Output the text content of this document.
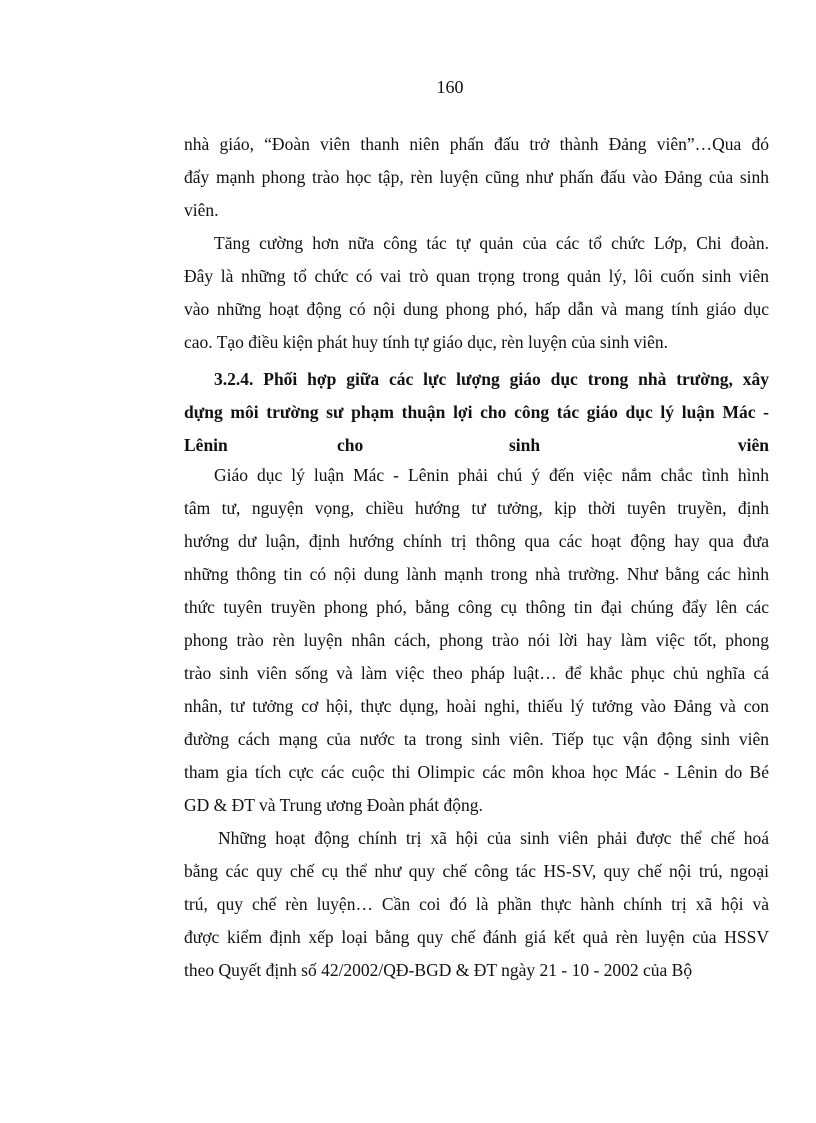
160
nhà giáo, “Đoàn viên thanh niên phấn đấu trở thành Đảng viên”…Qua đó
đẩy mạnh phong trào học tập, rèn luyện cũng như phấn đấu vào Đảng của sinh
viên.
Tăng cường hơn nữa công tác tự quản của các tổ chức Lớp, Chi đoàn.
Đây là những tổ chức có vai trò quan trọng trong quản lý, lôi cuốn sinh viên
vào những hoạt động có nội dung phong phó, hấp dẫn và mang tính giáo dục
cao. Tạo điều kiện phát huy tính tự giáo dục, rèn luyện của sinh viên.
3.2.4. Phối hợp giữa các lực lượng giáo dục trong nhà trường, xây
dựng môi trường sư phạm thuận lợi cho công tác giáo dục lý luận Mác -
Lênin	cho	sinh	viên
Giáo dục lý luận Mác - Lênin phải chú ý đến việc nắm chắc tình hình
tâm tư, nguyện vọng, chiều hướng tư tưởng, kịp thời tuyên truyền, định
hướng dư luận, định hướng chính trị thông qua các hoạt động hay qua đưa
những thông tin có nội dung lành mạnh trong nhà trường. Như bằng các hình
thức tuyên truyền phong phó, bằng công cụ thông tin đại chúng đẩy lên các
phong trào rèn luyện nhân cách, phong trào nói lời hay làm việc tốt, phong
trào sinh viên sống và làm việc theo pháp luật… để khắc phục chủ nghĩa cá
nhân, tư tưởng cơ hội, thực dụng, hoài nghi, thiếu lý tưởng vào Đảng và con
đường cách mạng của nước ta trong sinh viên. Tiếp tục vận động sinh viên
tham gia tích cực các cuộc thi Olimpic các môn khoa học Mác - Lênin do Bé
GD & ĐT và Trung ương Đoàn phát động.
Những hoạt động chính trị xã hội của sinh viên phải được thể chế hoá
bằng các quy chế cụ thể như quy chế công tác HS-SV, quy chế nội trú, ngoại
trú, quy chế rèn luyện… Cần coi đó là phần thực hành chính trị xã hội và
được kiểm định xếp loại bằng quy chế đánh giá kết quả rèn luyện của HSSV
theo Quyết định số 42/2002/QĐ-BGD & ĐT ngày 21 - 10 - 2002 của Bộ
